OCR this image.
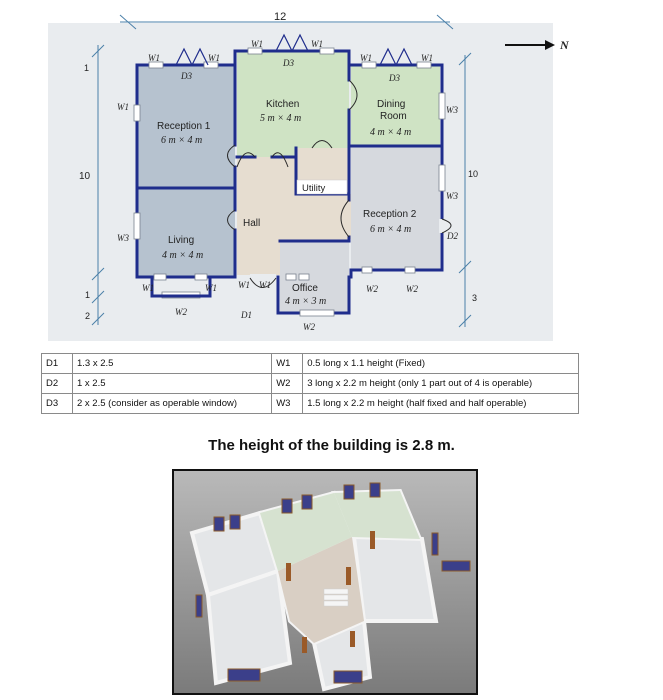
12
10
1
1
2
10
3
N
Reception 1
6 m × 4 m
Kitchen
5 m × 4 m
Dining
Room
4 m × 4 m
Utility
Hall
Reception 2
6 m × 4 m
Living
4 m × 4 m
Office
4 m × 3 m
W1	W1
D3
W1	W1
D3	W1	W1
D3
W1	W3
W3
D2
W3
W1	W1
W2	D1
W1 W1
W2
W2	W2
D1	1.3 x 2.5	W1	0.5 long x 1.1 height (Fixed)
D2	1 x 2.5	W2	3 long x 2.2 m height (only 1 part out of 4 is operable)
D3	2 x 2.5 (consider as operable window)	W3	1.5 long x 2.2 m height (half fixed and half operable)
The height of the building is 2.8 m.
